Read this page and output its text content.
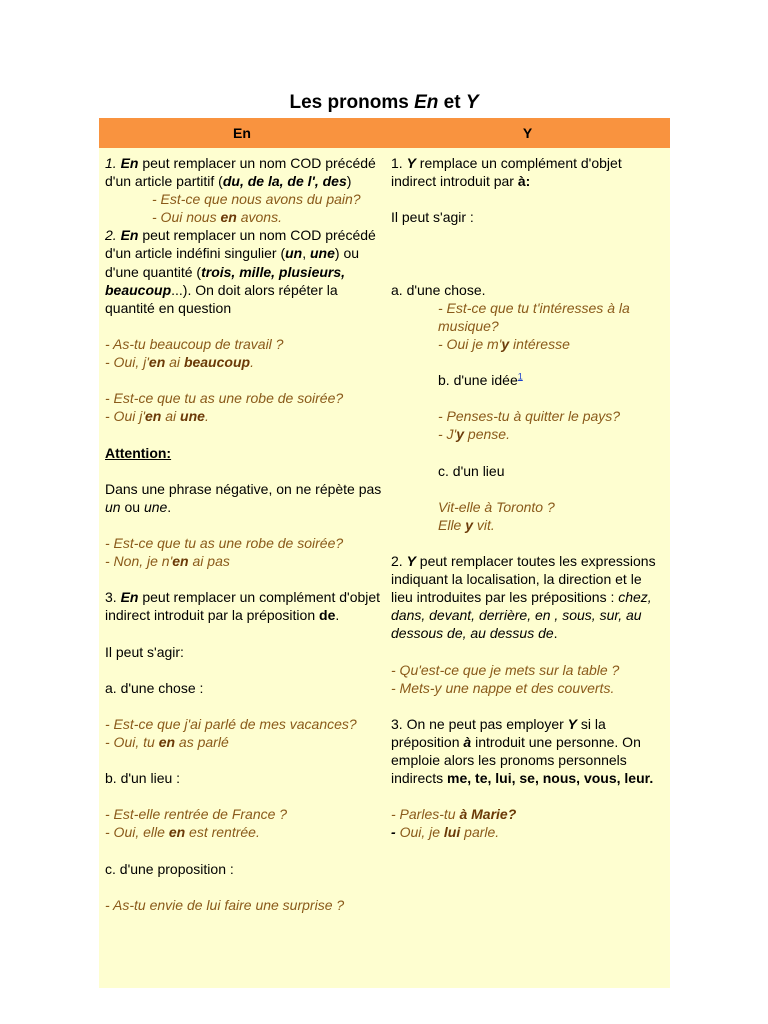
Les pronoms En et Y
En	Y

1. En peut remplacer un nom COD précédé d'un article partitif (du, de la, de l', des)

- Est-ce que nous avons du pain?

- Oui nous en avons.

2. En peut remplacer un nom COD précédé d'un article indéfini singulier (un, une) ou d'une quantité (trois, mille, plusieurs, beaucoup...). On doit alors répéter la quantité en question

- As-tu beaucoup de travail ?

- Oui, j'en ai beaucoup.

- Est-ce que tu as une robe de soirée?

- Oui j'en ai une.

Attention:

Dans une phrase négative, on ne répète pas un ou une.

- Est-ce que tu as une robe de soirée?

- Non, je n'en ai pas

3. En peut remplacer un complément d'objet indirect introduit par la préposition de.

Il peut s'agir:

a. d'une chose :

- Est-ce que j'ai parlé de mes vacances?

- Oui, tu en as parlé

b. d'un lieu :

- Est-elle rentrée de France ?

- Oui, elle en est rentrée.

c. d'une proposition :

- As-tu envie de lui faire une surprise ?

1. Y remplace un complément d'objet indirect introduit par à:

Il peut s'agir :

a. d'une chose.

- Est-ce que tu t'intéresses à la musique?

- Oui je m'y intéresse

b. d'une idée$^1$

- Penses-tu à quitter le pays?

- J'y pense.

c. d'un lieu

Vit-elle à Toronto ?

Elle y vit.

2. Y peut remplacer toutes les expressions indiquant la localisation, la direction et le lieu introduites par les prépositions : chez, dans, devant, derrière, en , sous, sur, au dessous de, au dessus de.

- Qu'est-ce que je mets sur la table ?

- Mets-y une nappe et des couverts.

3. On ne peut pas employer Y si la préposition à introduit une personne. On emploie alors les pronoms personnels indirects me, te, lui, se, nous, vous, leur.

- Parles-tu à Marie?

- Oui, je lui parle.
